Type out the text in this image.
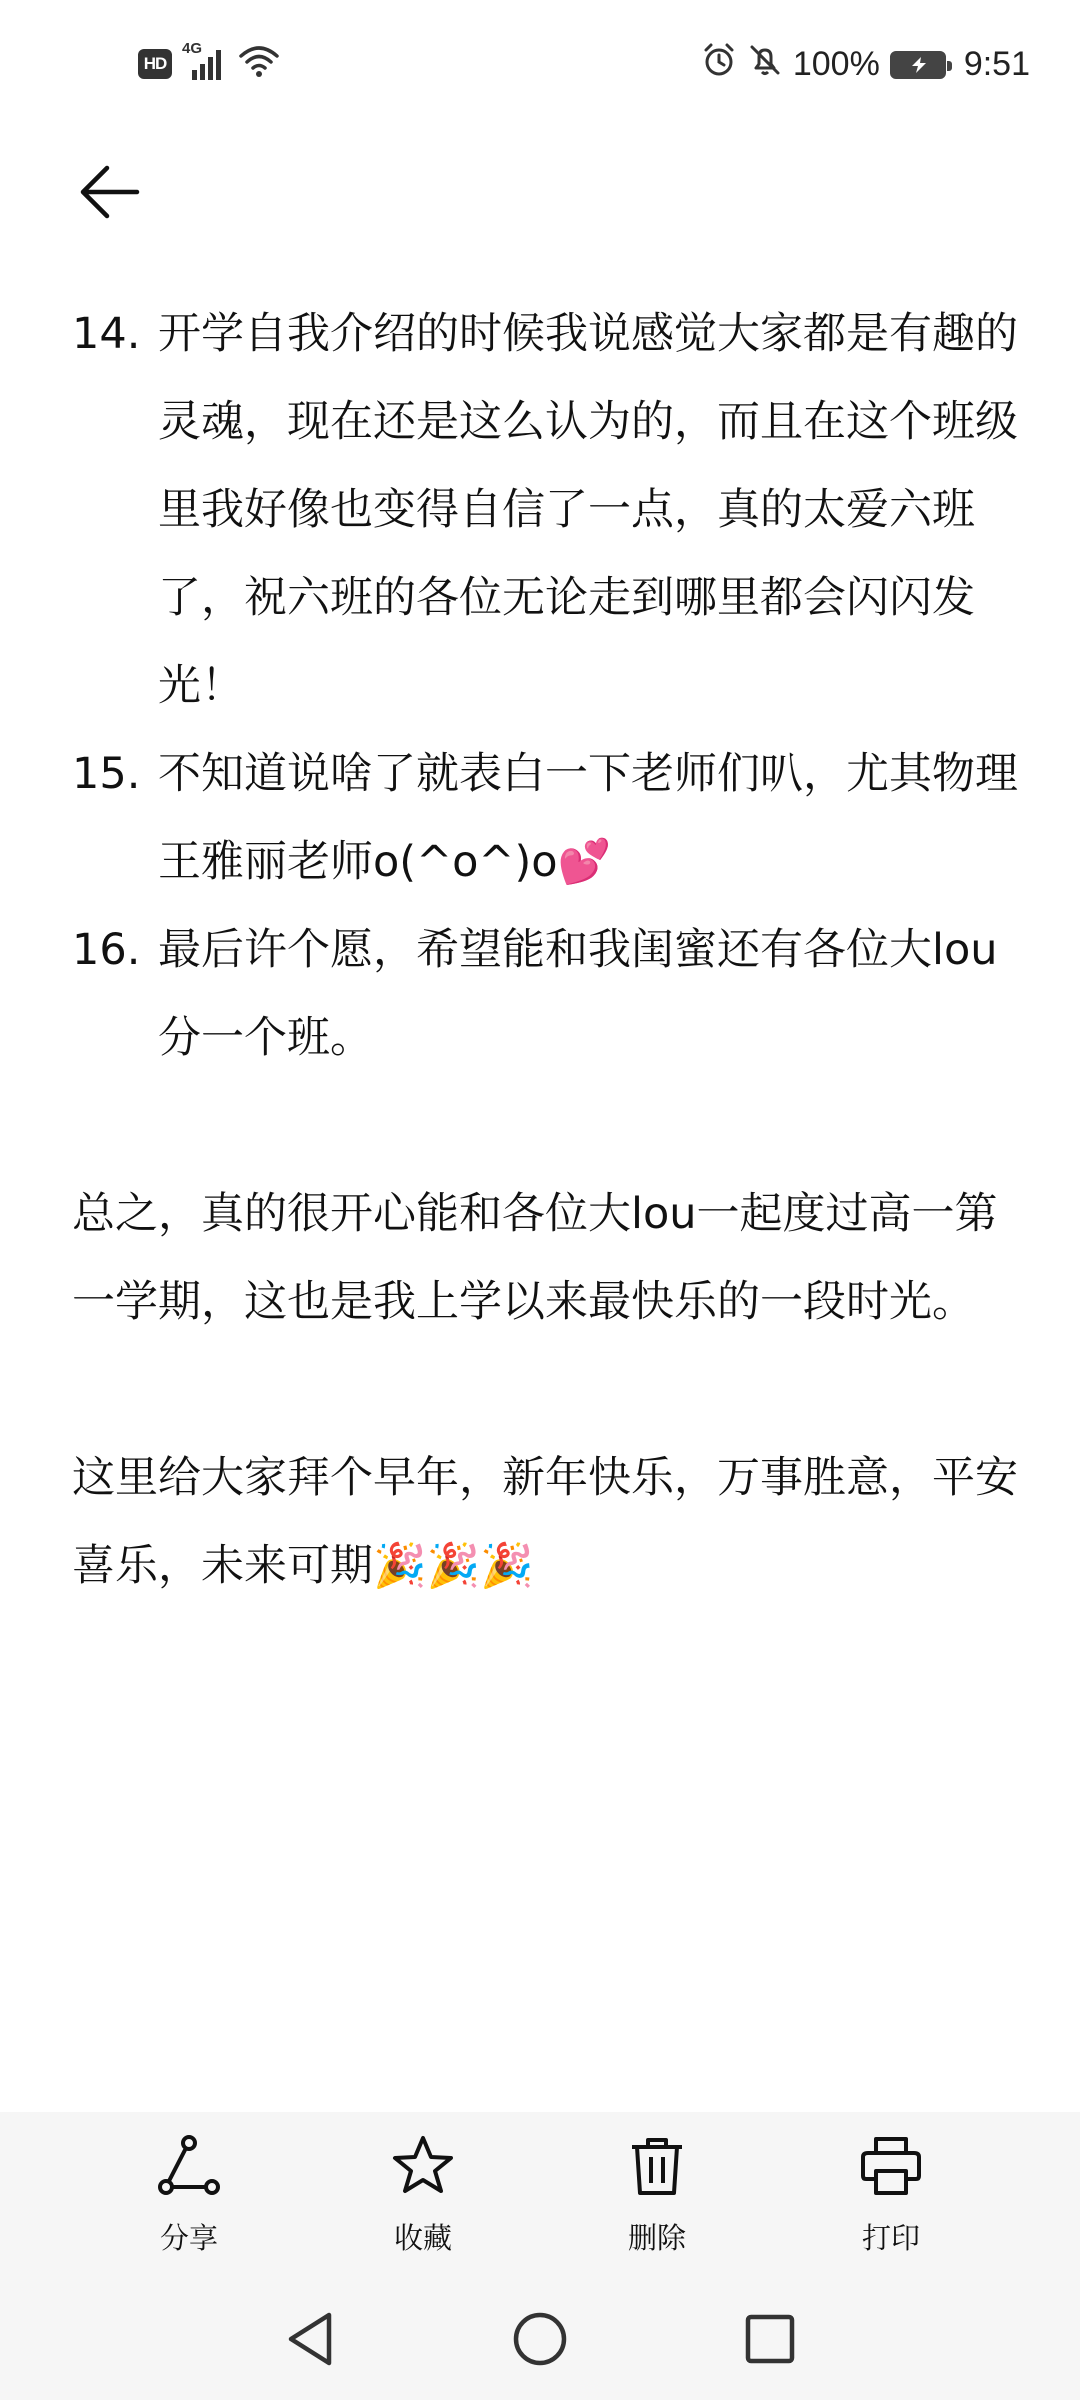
HD
4G	100% 9:51
14. 开学自我介绍的时候我说感觉大家都是有趣的灵魂，现在还是这么认为的，而且在这个班级里我好像也变得自信了一点，真的太爱六班了，祝六班的各位无论走到哪里都会闪闪发光！
15. 不知道说啥了就表白一下老师们叭，尤其物理王雅丽老师o(^o^)o💕
16. 最后许个愿，希望能和我闺蜜还有各位大lou分一个班。

总之，真的很开心能和各位大lou一起度过高一第一学期，这也是我上学以来最快乐的一段时光。

这里给大家拜个早年，新年快乐，万事胜意，平安喜乐，未来可期🎉🎉🎉

分享	收藏	删除	打印
